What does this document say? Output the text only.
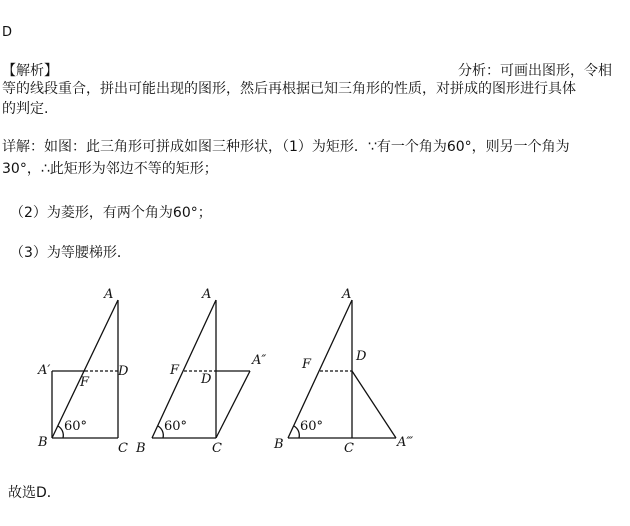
D
【解析】	分析：可画出图形，令相
等的线段重合，拼出可能出现的图形，然后再根据已知三角形的性质，对拼成的图形进行具体
的判定.
详解：如图：此三角形可拼成如图三种形状，（1）为矩形．∵有一个角为60°，则另一个角为
30°，∴此矩形为邻边不等的矩形；
（2）为菱形，有两个角为60°；
（3）为等腰梯形．
A
A′	D
F
B	C
60°
A
F
D
A″
B	C
60°
A
F
D
B	C	A‴
60°
故选D．
